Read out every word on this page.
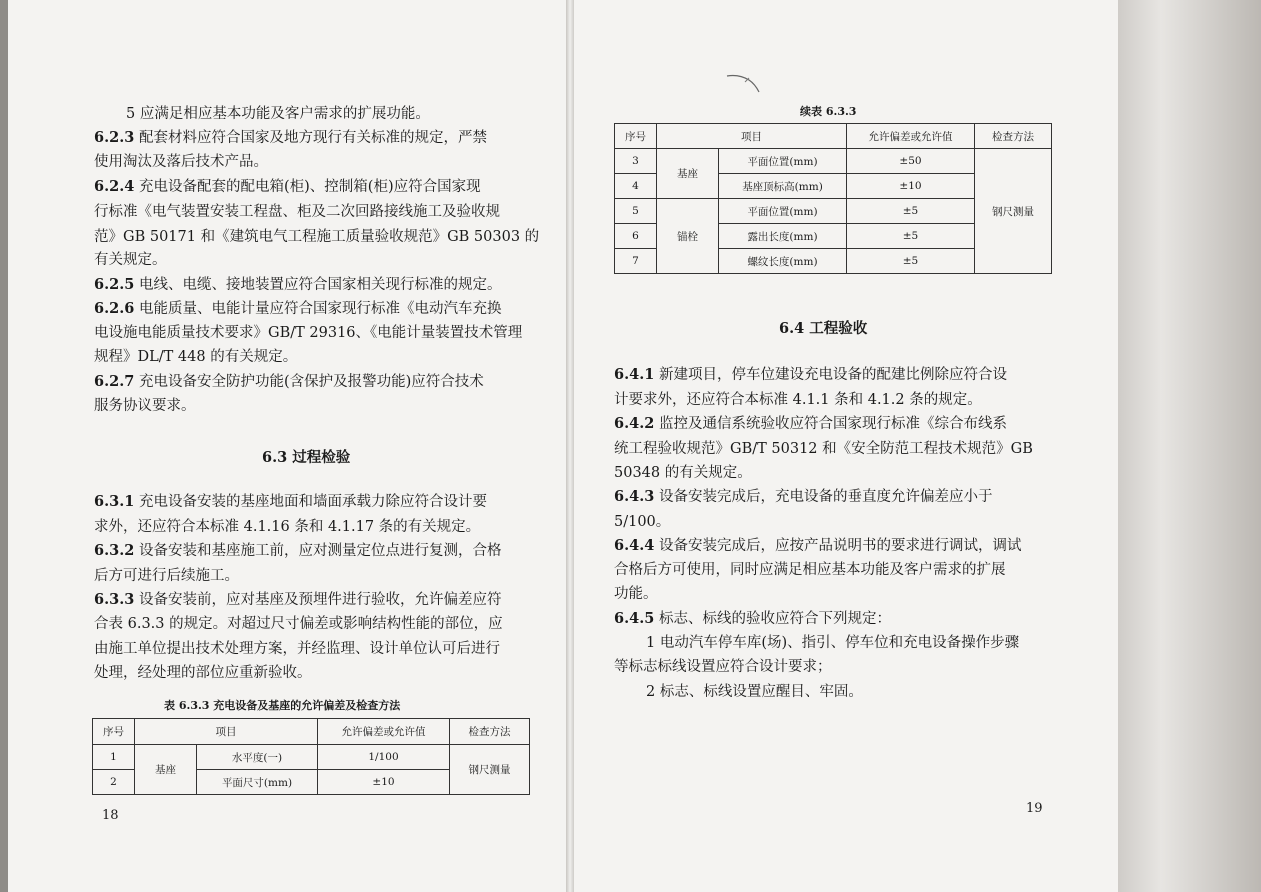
5 应满足相应基本功能及客户需求的扩展功能。
6.2.3 配套材料应符合国家及地方现行有关标准的规定，严禁
使用淘汰及落后技术产品。
6.2.4 充电设备配套的配电箱(柜)、控制箱(柜)应符合国家现
行标准《电气装置安装工程盘、柜及二次回路接线施工及验收规
范》GB 50171 和《建筑电气工程施工质量验收规范》GB 50303 的
有关规定。
6.2.5 电线、电缆、接地装置应符合国家相关现行标准的规定。
6.2.6 电能质量、电能计量应符合国家现行标准《电动汽车充换
电设施电能质量技术要求》GB/T 29316、《电能计量装置技术管理
规程》DL/T 448 的有关规定。
6.2.7 充电设备安全防护功能(含保护及报警功能)应符合技术
服务协议要求。
6.3 过程检验
6.3.1 充电设备安装的基座地面和墙面承载力除应符合设计要
求外，还应符合本标准 4.1.16 条和 4.1.17 条的有关规定。
6.3.2 设备安装和基座施工前，应对测量定位点进行复测，合格
后方可进行后续施工。
6.3.3 设备安装前，应对基座及预埋件进行验收，允许偏差应符
合表 6.3.3 的规定。对超过尺寸偏差或影响结构性能的部位，应
由施工单位提出技术处理方案，并经监理、设计单位认可后进行
处理，经处理的部位应重新验收。
表 6.3.3 充电设备及基座的允许偏差及检查方法
序号	项目		允许偏差或允许值	检查方法
1	基座	水平度(一)	1/100	钢尺测量
2		平面尺寸(mm)	±10	
18
续表 6.3.3
序号	项目		允许偏差或允许值	检查方法
3	基座	平面位置(mm)	±50	钢尺测量
4		基座顶标高(mm)	±10	
5	锚栓	平面位置(mm)	±5	
6		露出长度(mm)	±5	
7		螺纹长度(mm)	±5	
6.4 工程验收
6.4.1 新建项目，停车位建设充电设备的配建比例除应符合设
计要求外，还应符合本标准 4.1.1 条和 4.1.2 条的规定。
6.4.2 监控及通信系统验收应符合国家现行标准《综合布线系
统工程验收规范》GB/T 50312 和《安全防范工程技术规范》GB
50348 的有关规定。
6.4.3 设备安装完成后，充电设备的垂直度允许偏差应小于
5/100。
6.4.4 设备安装完成后，应按产品说明书的要求进行调试，调试
合格后方可使用，同时应满足相应基本功能及客户需求的扩展
功能。
6.4.5 标志、标线的验收应符合下列规定：
1 电动汽车停车库(场)、指引、停车位和充电设备操作步骤
等标志标线设置应符合设计要求；
2 标志、标线设置应醒目、牢固。
19
